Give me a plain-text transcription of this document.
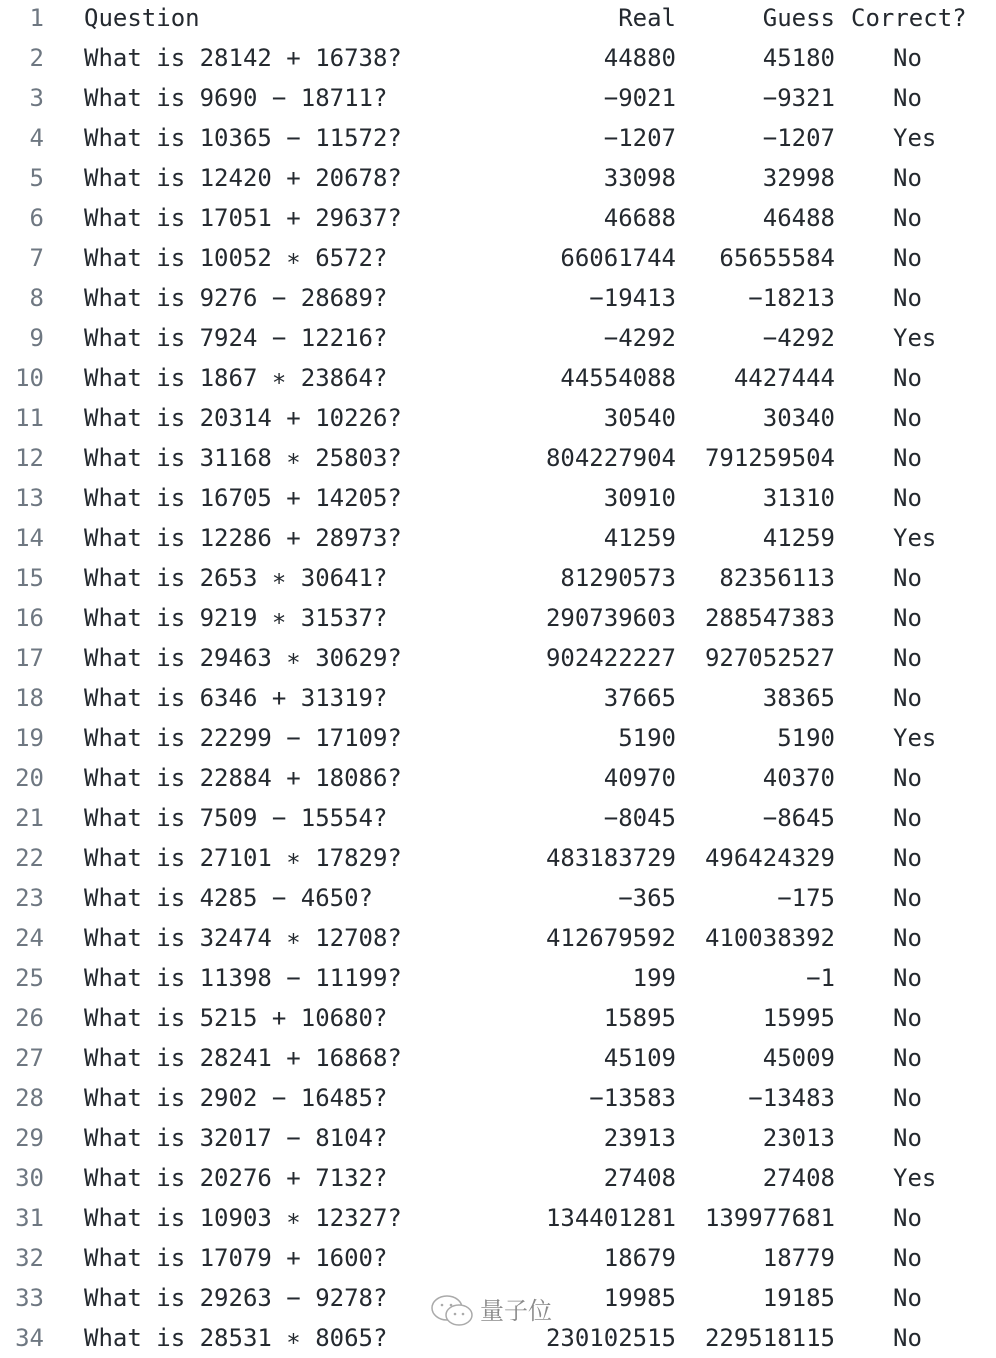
1 Question	Real	Guess Correct?
2 What is 28142 + 16738?	44880	45180 No
3 What is 9690 − 18711?	−9021	−9321 No
4 What is 10365 − 11572?	−1207	−1207 Yes
5 What is 12420 + 20678?	33098	32998 No
6 What is 17051 + 29637?	46688	46488 No
7 What is 10052 ∗ 6572?	66061744 65655584 No
8 What is 9276 − 28689?	−19413	−18213 No
9 What is 7924 − 12216?	−4292	−4292 Yes
10 What is 1867 ∗ 23864?	44554088 4427444 No
11 What is 20314 + 10226?	30540	30340 No
12 What is 31168 ∗ 25803?	804227904 791259504 No
13 What is 16705 + 14205?	30910	31310 No
14 What is 12286 + 28973?	41259	41259 Yes
15 What is 2653 ∗ 30641?	81290573 82356113 No
16 What is 9219 ∗ 31537?	290739603 288547383 No
17 What is 29463 ∗ 30629?	902422227 927052527 No
18 What is 6346 + 31319?	37665	38365 No
19 What is 22299 − 17109?	5190	5190 Yes
20 What is 22884 + 18086?	40970	40370 No
21 What is 7509 − 15554?	−8045	−8645 No
22 What is 27101 ∗ 17829?	483183729 496424329 No
23 What is 4285 − 4650?	−365	−175 No
24 What is 32474 ∗ 12708?	412679592 410038392 No
25 What is 11398 − 11199?	199	−1 No
26 What is 5215 + 10680?	15895	15995 No
27 What is 28241 + 16868?	45109	45009 No
28 What is 2902 − 16485?	−13583	−13483 No
29 What is 32017 − 8104?	23913	23013 No
30 What is 20276 + 7132?	27408	27408 Yes
31 What is 10903 ∗ 12327?	134401281 139977681 No
32 What is 17079 + 1600?	18679	18779 No
33 What is 29263 − 9278?	19985	19185 No
34 What is 28531 ∗ 8065?	230102515 229518115 No
量子位
